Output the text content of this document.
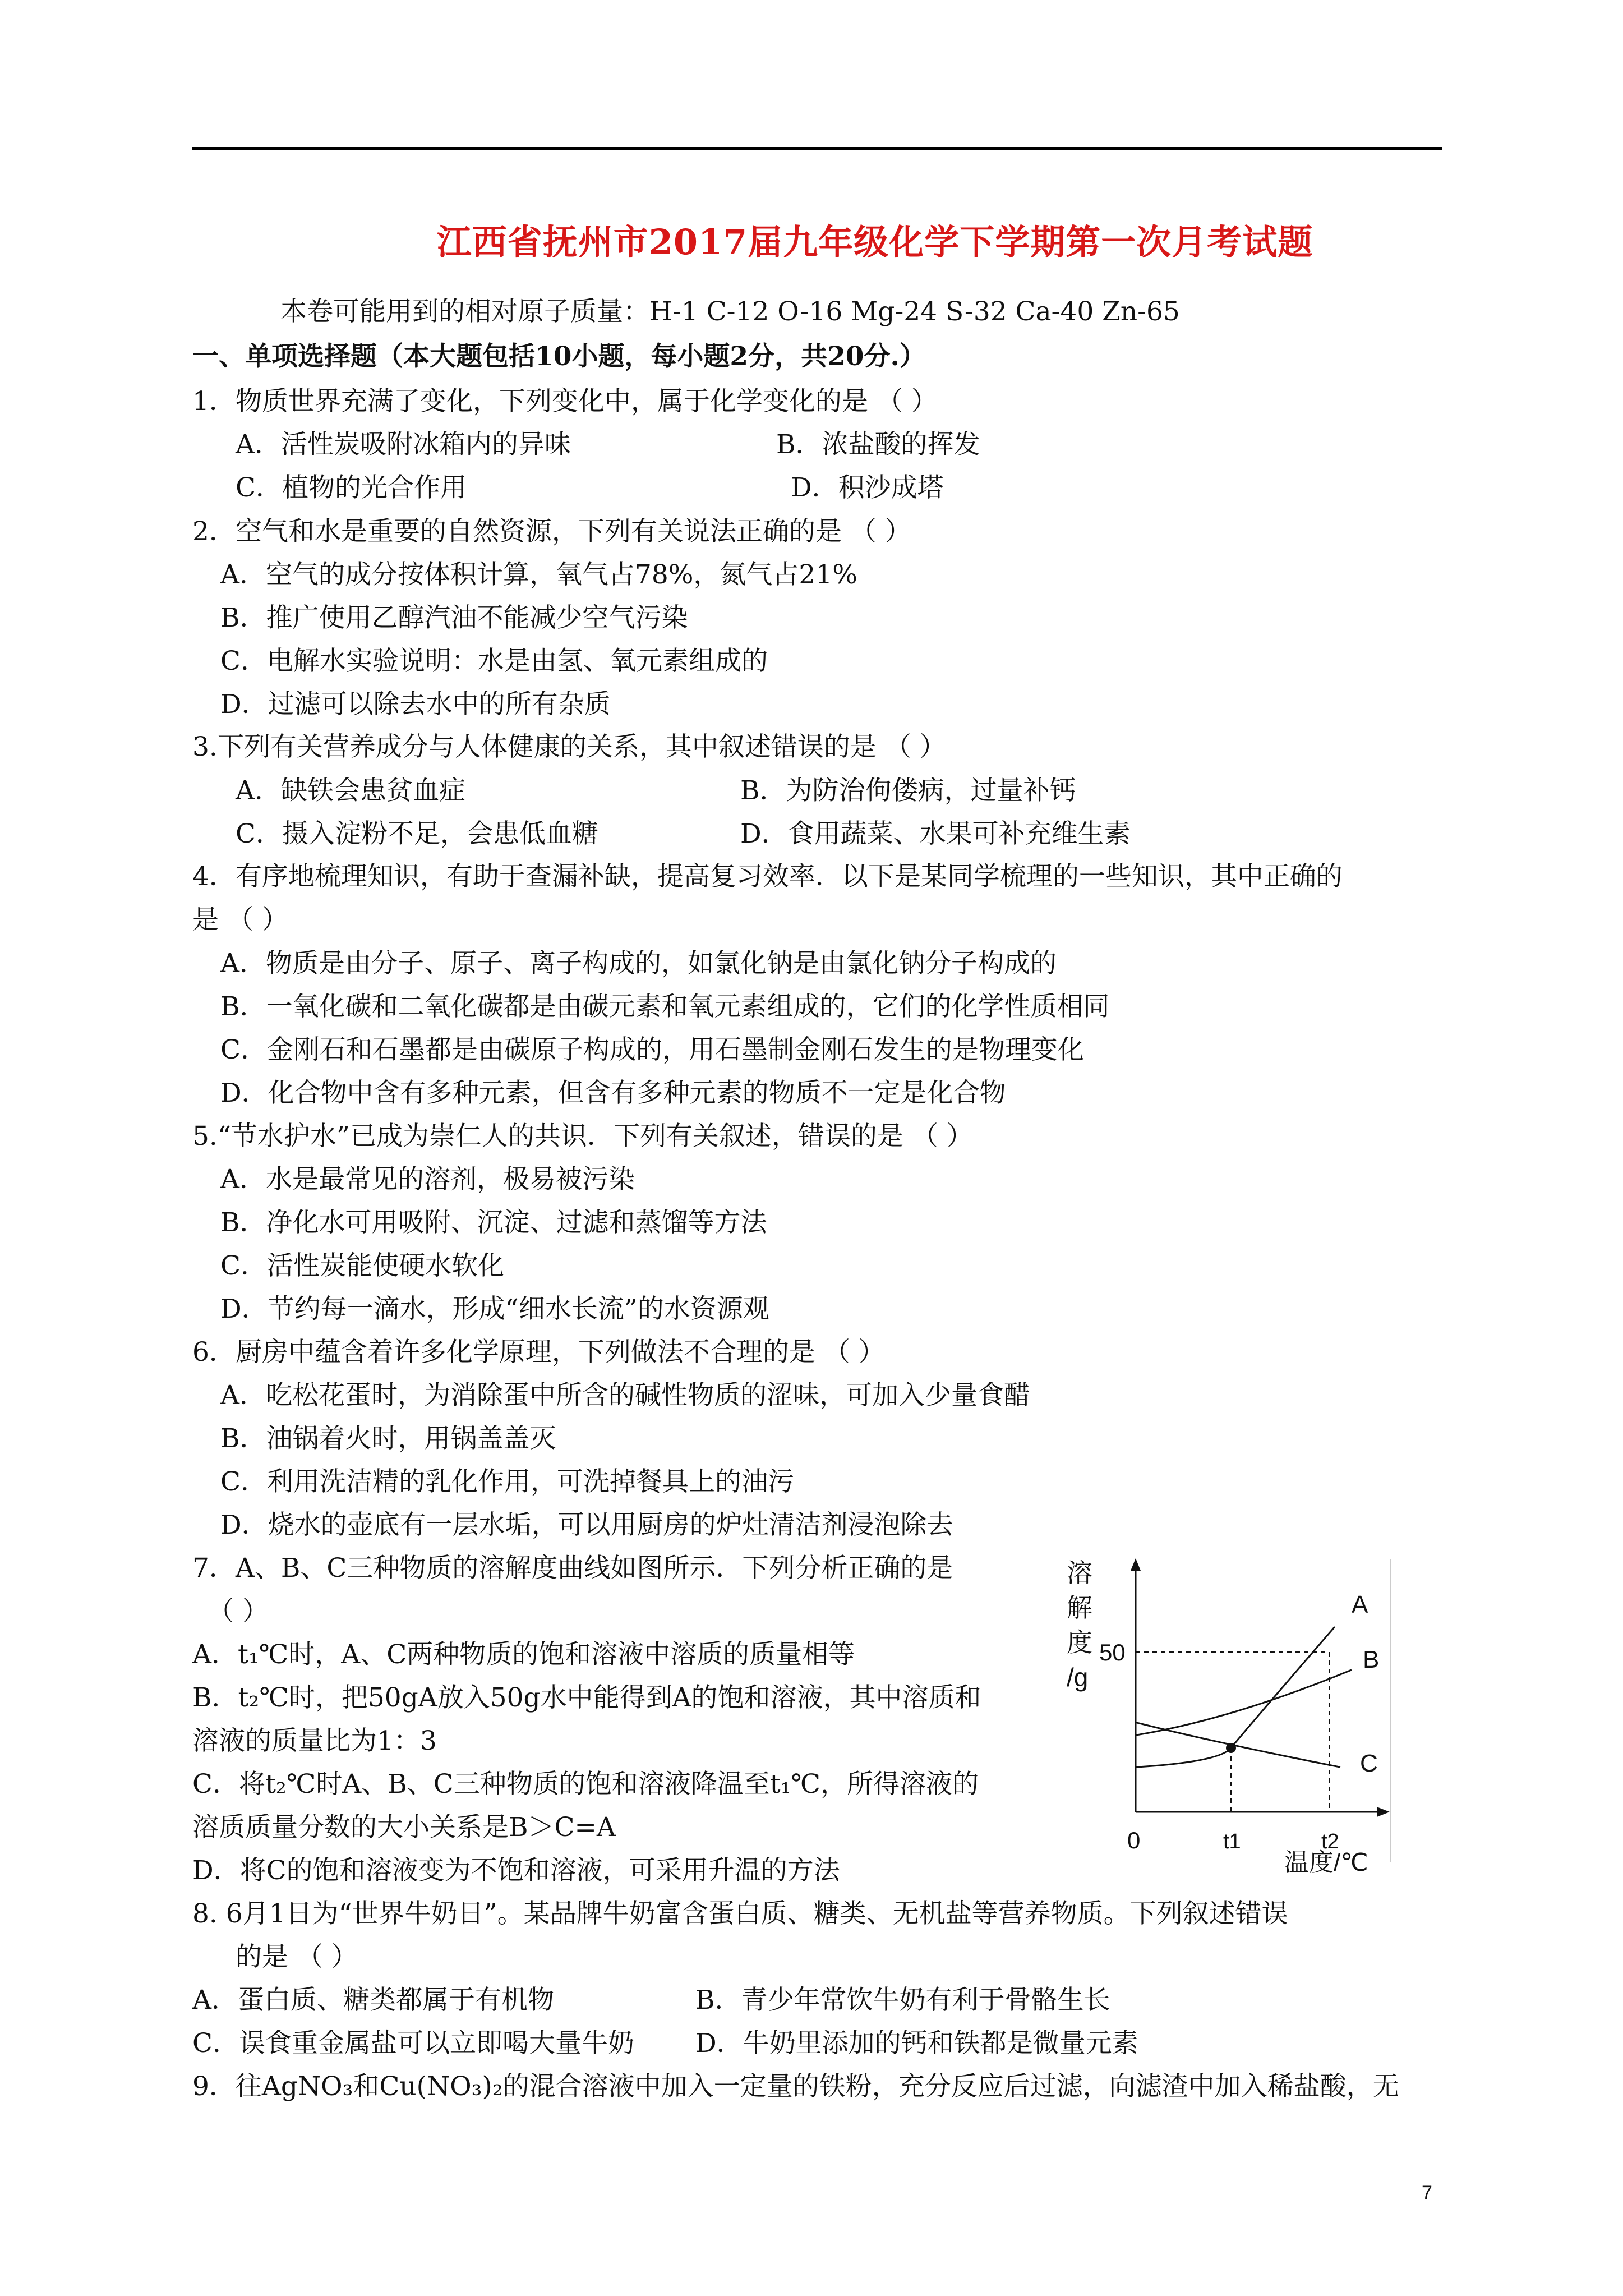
江西省抚州市2017届九年级化学下学期第一次月考试题
本卷可能用到的相对原子质量：H-1 C-12 O-16 Mg-24 S-32 Ca-40 Zn-65
一、单项选择题（本大题包括10小题，每小题2分，共20分.）
1．物质世界充满了变化，下列变化中，属于化学变化的是 （ ）
A．活性炭吸附冰箱内的异味	B．浓盐酸的挥发
C．植物的光合作用	D．积沙成塔
2．空气和水是重要的自然资源，下列有关说法正确的是 （ ）
A．空气的成分按体积计算，氧气占78%，氮气占21%
B．推广使用乙醇汽油不能减少空气污染
C．电解水实验说明：水是由氢、氧元素组成的
D．过滤可以除去水中的所有杂质
3.下列有关营养成分与人体健康的关系，其中叙述错误的是 （ ）
A．缺铁会患贫血症	B．为防治佝偻病，过量补钙
C．摄入淀粉不足，会患低血糖	D．食用蔬菜、水果可补充维生素
4．有序地梳理知识，有助于查漏补缺，提高复习效率．以下是某同学梳理的一些知识，其中正确的
是 （ ）
A．物质是由分子、原子、离子构成的，如氯化钠是由氯化钠分子构成的
B．一氧化碳和二氧化碳都是由碳元素和氧元素组成的，它们的化学性质相同
C．金刚石和石墨都是由碳原子构成的，用石墨制金刚石发生的是物理变化
D．化合物中含有多种元素，但含有多种元素的物质不一定是化合物
5.“节水护水”已成为崇仁人的共识．下列有关叙述，错误的是 （ ）
A．水是最常见的溶剂，极易被污染
B．净化水可用吸附、沉淀、过滤和蒸馏等方法
C．活性炭能使硬水软化
D．节约每一滴水，形成“细水长流”的水资源观
6．厨房中蕴含着许多化学原理，下列做法不合理的是 （ ）
A．吃松花蛋时，为消除蛋中所含的碱性物质的涩味，可加入少量食醋
B．油锅着火时，用锅盖盖灭
C．利用洗洁精的乳化作用，可洗掉餐具上的油污
D．烧水的壶底有一层水垢，可以用厨房的炉灶清洁剂浸泡除去
7．A、B、C三种物质的溶解度曲线如图所示．下列分析正确的是
（ ）
A．t₁℃时，A、C两种物质的饱和溶液中溶质的质量相等
B．t₂℃时，把50gA放入50g水中能得到A的饱和溶液，其中溶质和
溶液的质量比为1：3
C．将t₂℃时A、B、C三种物质的饱和溶液降温至t₁℃，所得溶液的
溶质质量分数的大小关系是B＞C=A
D．将C的饱和溶液变为不饱和溶液，可采用升温的方法
8. 6月1日为“世界牛奶日”。某品牌牛奶富含蛋白质、糖类、无机盐等营养物质。下列叙述错误
的是 （ ）
A．蛋白质、糖类都属于有机物	B．青少年常饮牛奶有利于骨骼生长
C．误食重金属盐可以立即喝大量牛奶 D．牛奶里添加的钙和铁都是微量元素
9．往AgNO₃和Cu(NO₃)₂的混合溶液中加入一定量的铁粉，充分反应后过滤，向滤渣中加入稀盐酸，无
7
A
B
C
溶
解
度
/g
50
0	t1	t2
温度/℃
